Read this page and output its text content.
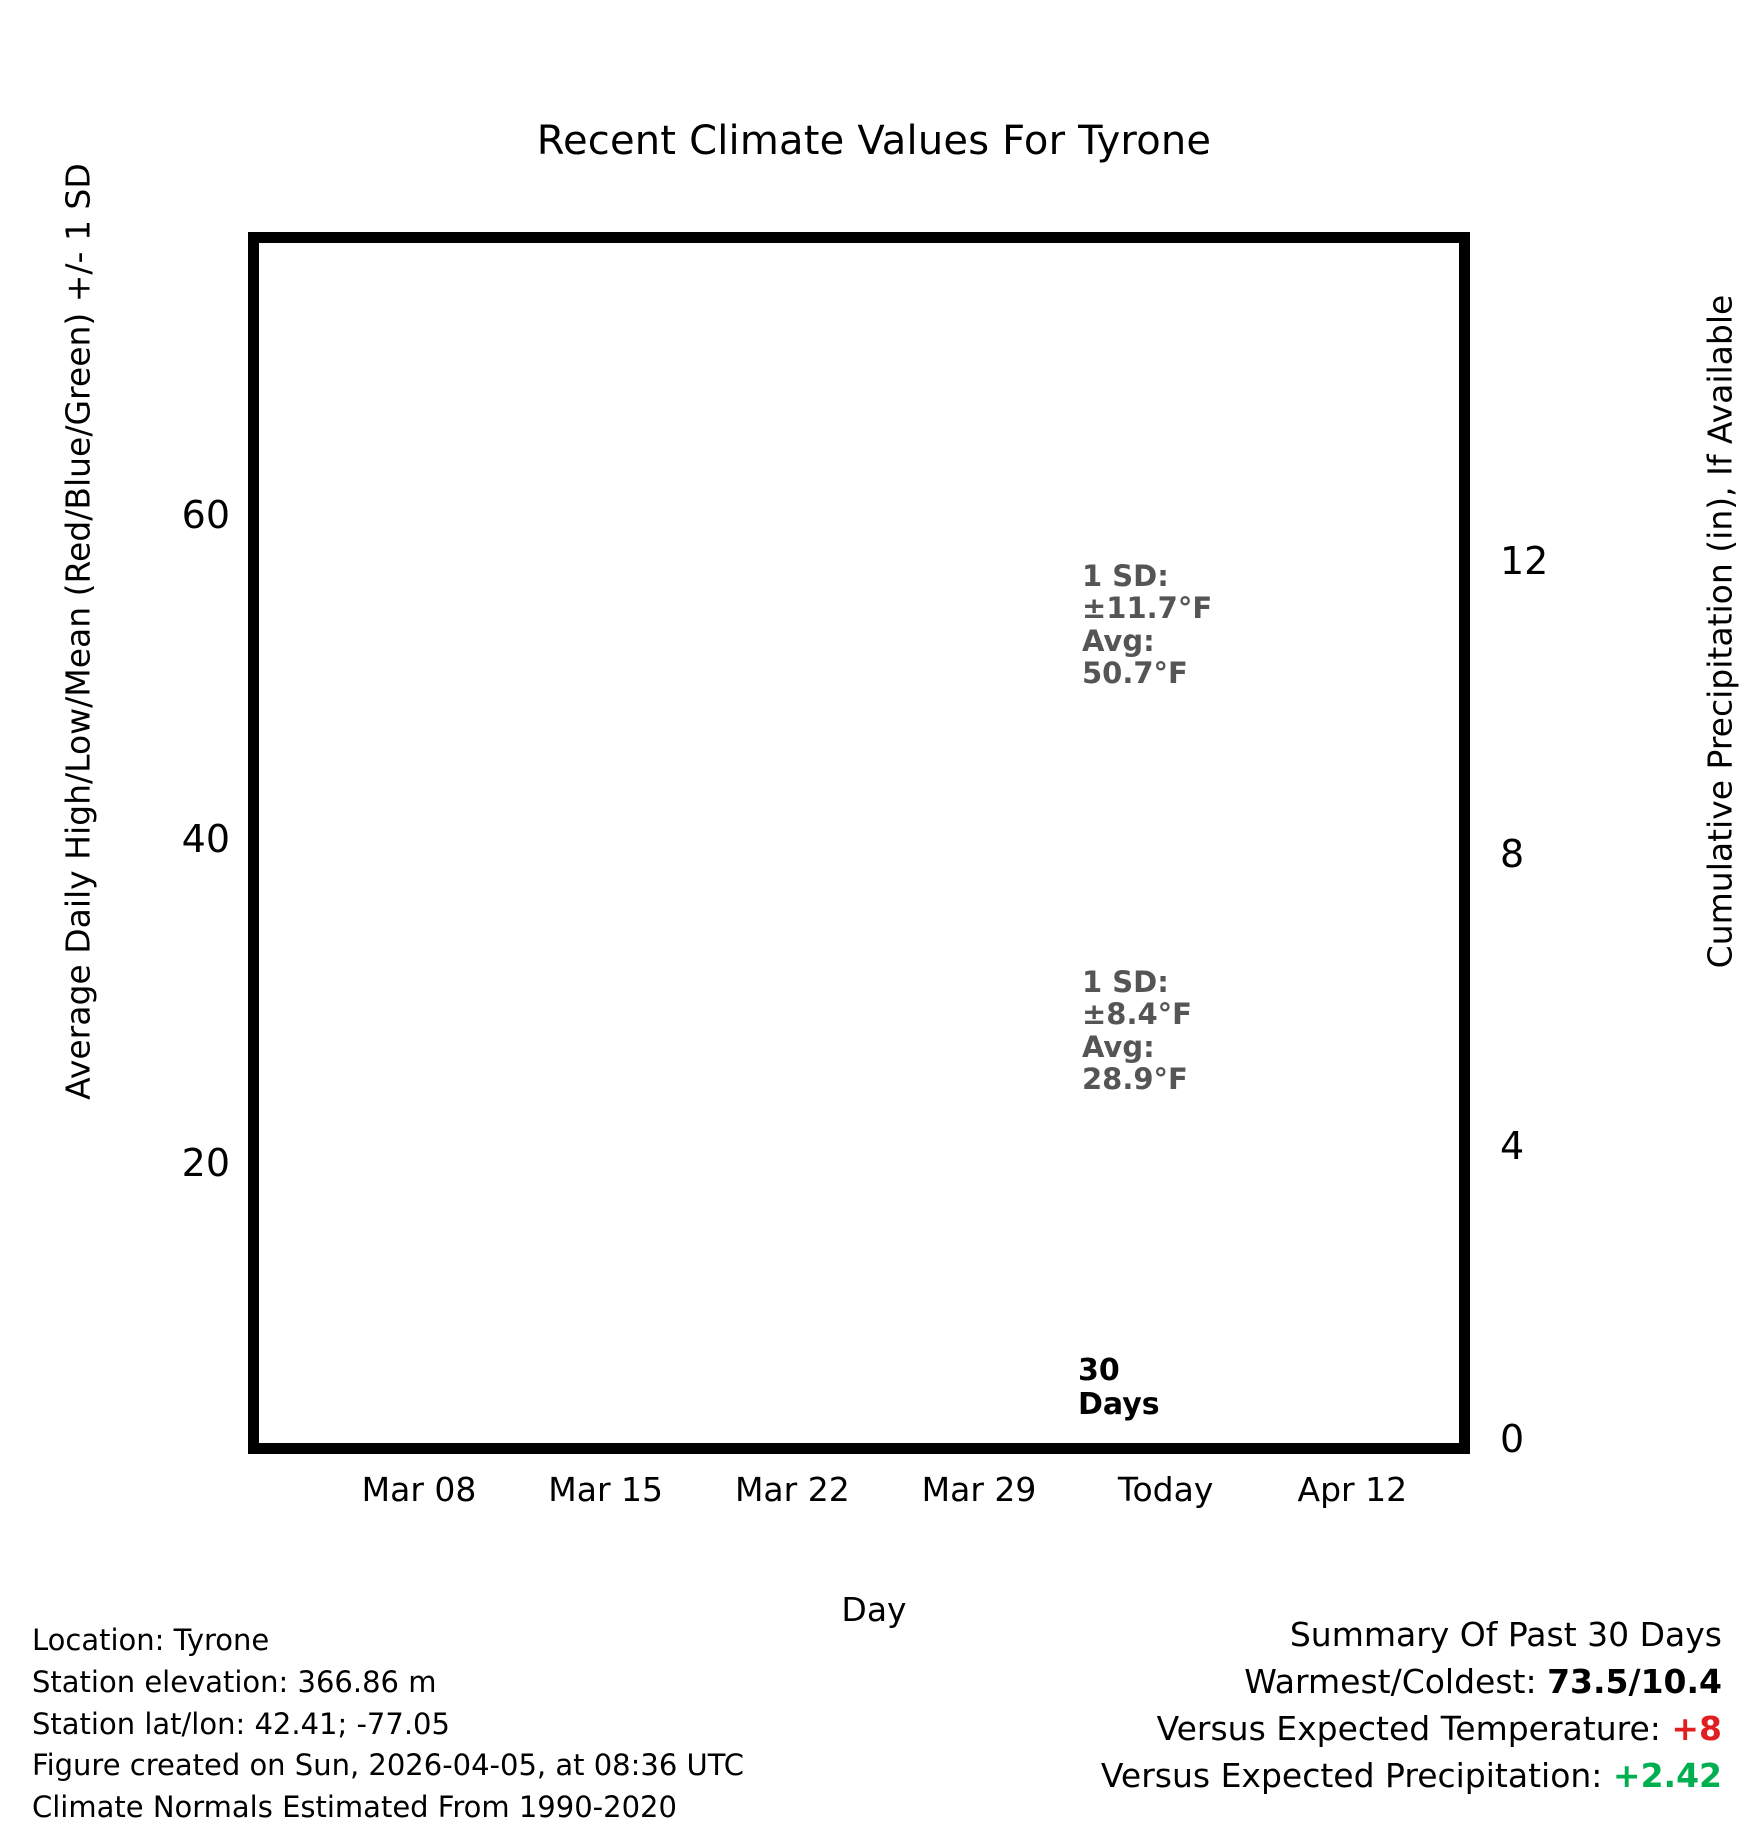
Recent Climate Values For Tyrone
Average Daily High/Low/Mean (Red/Blue/Green) +/- 1 SD	Cumulative Precipitation (in), If Available
Day
20
40
60
0
4
8
12
Mar 08	Mar 15	Mar 22	Mar 29	Today	Apr 12
1 SD:
±11.7°F
Avg:
50.7°F
1 SD:
±8.4°F
Avg:
28.9°F
30
Days
Location: Tyrone
Station elevation: 366.86 m
Station lat/lon: 42.41; -77.05
Figure created on Sun, 2026-04-05, at 08:36 UTC
Climate Normals Estimated From 1990-2020
Summary Of Past 30 Days
Warmest/Coldest: 73.5/10.4
Versus Expected Temperature: +8
Versus Expected Precipitation: +2.42
